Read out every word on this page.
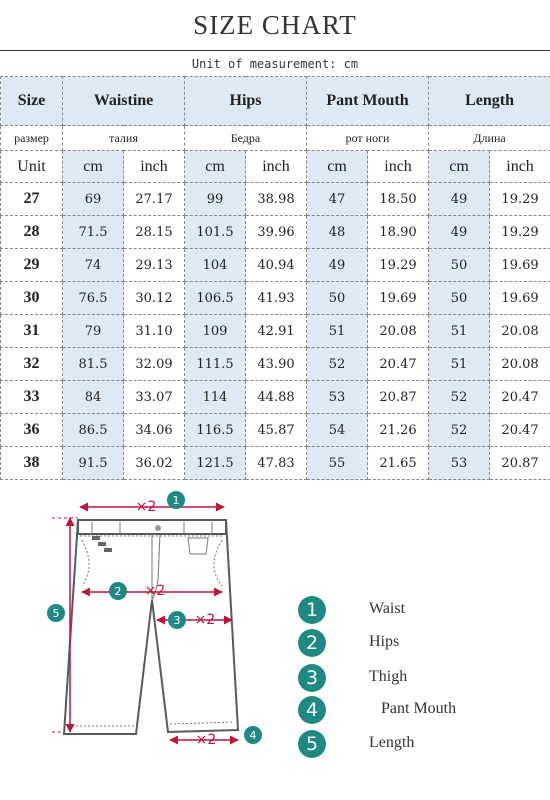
SIZE CHART
Unit of measurement: cm
Size	Waistine		Hips		Pant Mouth		Length	
размер	талия		Бедра		рот ноги		Длина	
Unit	cm	inch	cm	inch	cm	inch	cm	inch
27	69	27.17	99	38.98	47	18.50	49	19.29
28	71.5	28.15	101.5	39.96	48	18.90	49	19.29
29	74	29.13	104	40.94	49	19.29	50	19.69
30	76.5	30.12	106.5	41.93	50	19.69	50	19.69
31	79	31.10	109	42.91	51	20.08	51	20.08
32	81.5	32.09	111.5	43.90	52	20.47	51	20.08
33	84	33.07	114	44.88	53	20.87	52	20.47
36	86.5	34.06	116.5	45.87	54	21.26	52	20.47
38	91.5	36.02	121.5	47.83	55	21.65	53	20.87
1
×2
2 ×2
3 ×2
4
×2
5	1	Waist
2	Hips
3	Thigh
4	Pant Mouth
5	Length
